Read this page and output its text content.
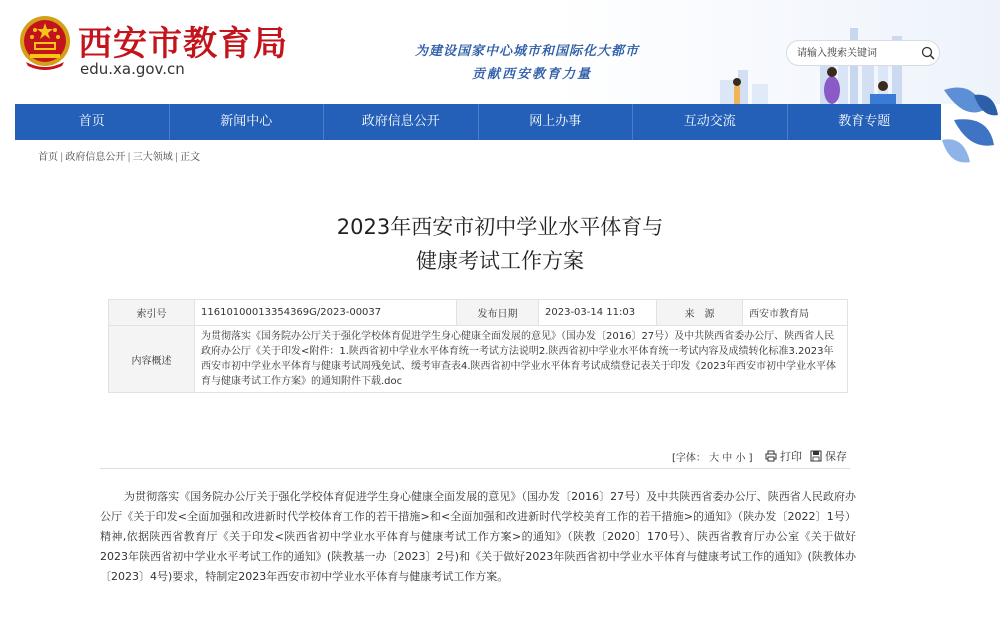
西安市教育局
edu.xa.gov.cn
为建设国家中心城市和国际化大都市
贡献西安教育力量
请输入搜索关键词
首页	新闻中心	政府信息公开	网上办事	互动交流	教育专题
首页 | 政府信息公开 | 三大领域 | 正文
2023年西安市初中学业水平体育与
健康考试工作方案
索引号	11610100013354369G/2023-00037	发布日期	2023-03-14 11:03	来　源	西安市教育局
内容概述	为贯彻落实《国务院办公厅关于强化学校体育促进学生身心健康全面发展的意见》（国办发〔2016〕27号）及中共陕西省委办公厅、陕西省人民政府办公厅《关于印发<附件：1.陕西省初中学业水平体育统一考试方法说明2.陕西省初中学业水平体育统一考试内容及成绩转化标准3.2023年西安市初中学业水平体育与健康考试周残免试、缓考审查表4.陕西省初中学业水平体育考试成绩登记表关于印发《2023年西安市初中学业水平体育与健康考试工作方案》的通知附件下载.doc				
[字体： 大 中 小 ] 打印 保存
为贯彻落实《国务院办公厅关于强化学校体育促进学生身心健康全面发展的意见》（国办发〔2016〕27号）及中共陕西省委办公厅、陕西省人民政府办公厅《关于印发<全面加强和改进新时代学校体育工作的若干措施>和<全面加强和改进新时代学校美育工作的若干措施>的通知》（陕办发〔2022〕1号）精神,依据陕西省教育厅《关于印发<陕西省初中学业水平体育与健康考试工作方案>的通知》（陕教〔2020〕170号）、陕西省教育厅办公室《关于做好2023年陕西省初中学业水平考试工作的通知》(陕教基一办〔2023〕2号)和《关于做好2023年陕西省初中学业水平体育与健康考试工作的通知》(陕教体办〔2023〕4号)要求，特制定2023年西安市初中学业水平体育与健康考试工作方案。
